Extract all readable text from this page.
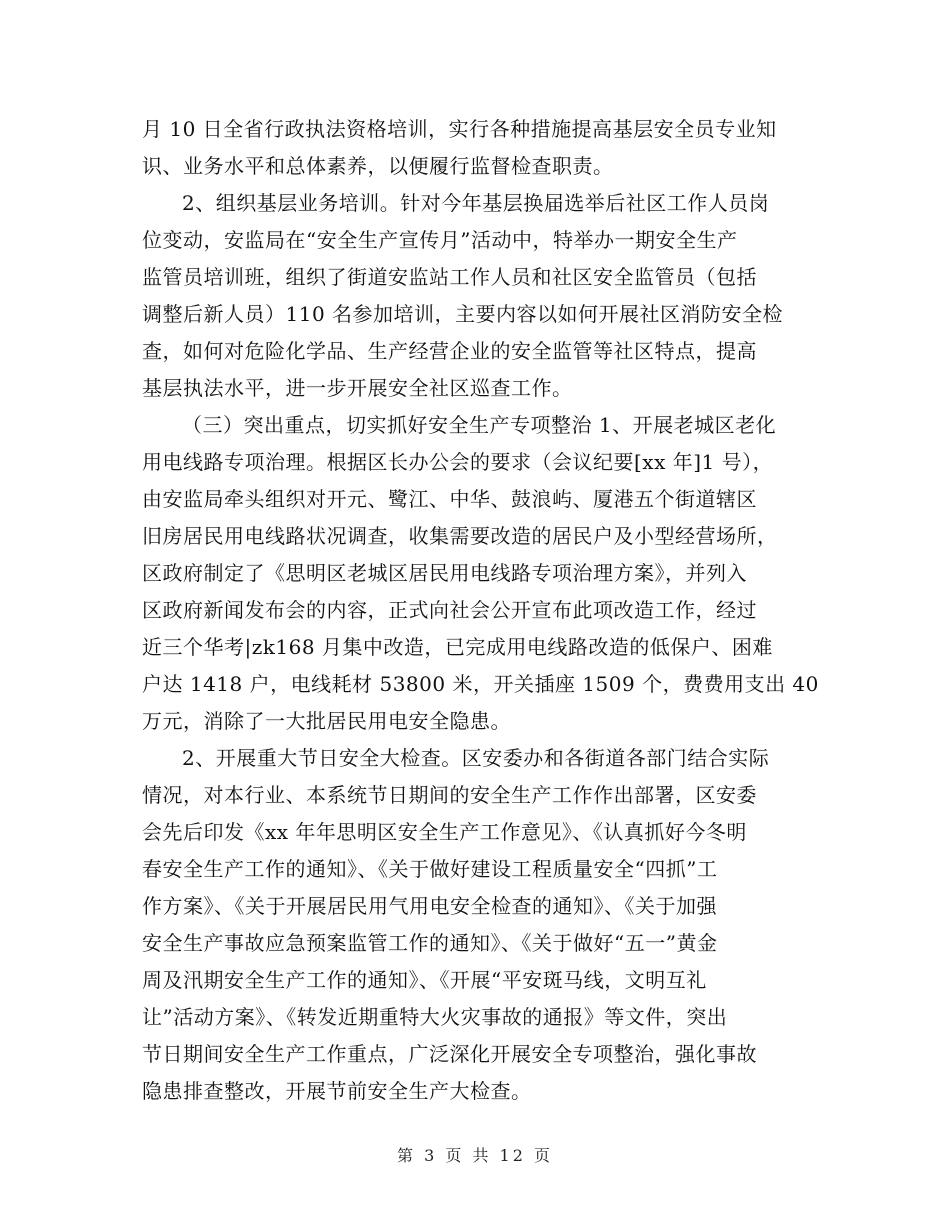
月 10 日全省行政执法资格培训，实行各种措施提高基层安全员专业知
识、业务水平和总体素养，以便履行监督检查职责。
2、组织基层业务培训。针对今年基层换届选举后社区工作人员岗
位变动，安监局在“安全生产宣传月”活动中，特举办一期安全生产
监管员培训班，组织了街道安监站工作人员和社区安全监管员（包括
调整后新人员）110 名参加培训，主要内容以如何开展社区消防安全检
查，如何对危险化学品、生产经营企业的安全监管等社区特点，提高
基层执法水平，进一步开展安全社区巡查工作。
（三）突出重点，切实抓好安全生产专项整治 1、开展老城区老化
用电线路专项治理。根据区长办公会的要求（会议纪要[xx 年]1 号），
由安监局牵头组织对开元、鹭江、中华、鼓浪屿、厦港五个街道辖区
旧房居民用电线路状况调查，收集需要改造的居民户及小型经营场所，
区政府制定了《思明区老城区居民用电线路专项治理方案》，并列入
区政府新闻发布会的内容，正式向社会公开宣布此项改造工作，经过
近三个华考|zk168 月集中改造，已完成用电线路改造的低保户、困难
户达 1418 户，电线耗材 53800 米，开关插座 1509 个，费费用支出 40
万元，消除了一大批居民用电安全隐患。
2、开展重大节日安全大检查。区安委办和各街道各部门结合实际
情况，对本行业、本系统节日期间的安全生产工作作出部署，区安委
会先后印发《xx 年年思明区安全生产工作意见》、《认真抓好今冬明
春安全生产工作的通知》、《关于做好建设工程质量安全“四抓”工
作方案》、《关于开展居民用气用电安全检查的通知》、《关于加强
安全生产事故应急预案监管工作的通知》、《关于做好“五一”黄金
周及汛期安全生产工作的通知》、《开展“平安斑马线，文明互礼
让”活动方案》、《转发近期重特大火灾事故的通报》等文件，突出
节日期间安全生产工作重点，广泛深化开展安全专项整治，强化事故
隐患排查整改，开展节前安全生产大检查。
第 3 页 共 12 页
